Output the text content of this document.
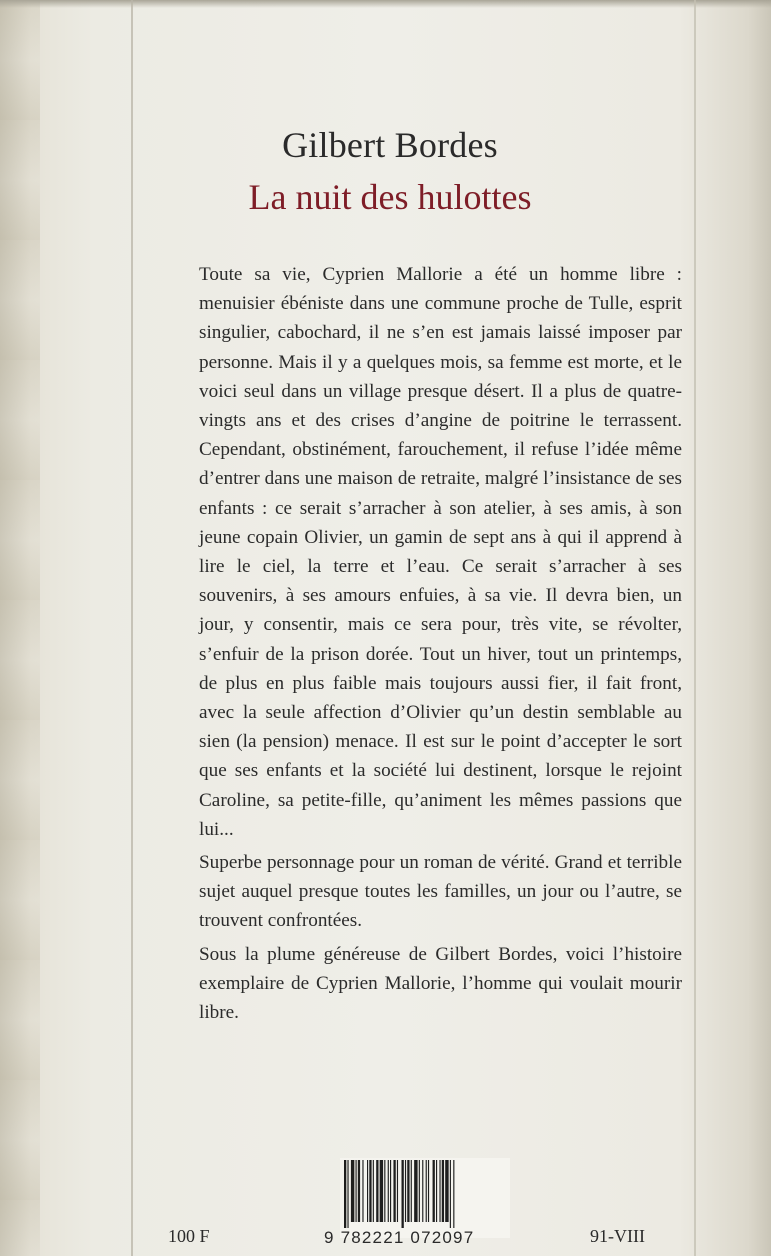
Gilbert Bordes
La nuit des hulottes

Toute sa vie, Cyprien Mallorie a été un homme libre : menuisier ébéniste dans une commune proche de Tulle, esprit singulier, cabochard, il ne s’en est jamais laissé imposer par personne. Mais il y a quelques mois, sa femme est morte, et le voici seul dans un village presque désert. Il a plus de quatre-vingts ans et des crises d’angine de poitrine le terrassent. Cependant, obstinément, farouchement, il refuse l’idée même d’entrer dans une maison de retraite, malgré l’insistance de ses enfants : ce serait s’arracher à son atelier, à ses amis, à son jeune copain Olivier, un gamin de sept ans à qui il apprend à lire le ciel, la terre et l’eau. Ce serait s’arracher à ses souvenirs, à ses amours enfuies, à sa vie. Il devra bien, un jour, y consentir, mais ce sera pour, très vite, se révolter, s’enfuir de la prison dorée. Tout un hiver, tout un printemps, de plus en plus faible mais toujours aussi fier, il fait front, avec la seule affection d’Olivier qu’un destin semblable au sien (la pension) menace. Il est sur le point d’accepter le sort que ses enfants et la société lui destinent, lorsque le rejoint Caroline, sa petite-fille, qu’animent les mêmes passions que lui...

Superbe personnage pour un roman de vérité. Grand et terrible sujet auquel presque toutes les familles, un jour ou l’autre, se trouvent confrontées.

Sous la plume généreuse de Gilbert Bordes, voici l’histoire exemplaire de Cyprien Mallorie, l’homme qui voulait mourir libre.

9 782221 072097
100 F	91-VIII
